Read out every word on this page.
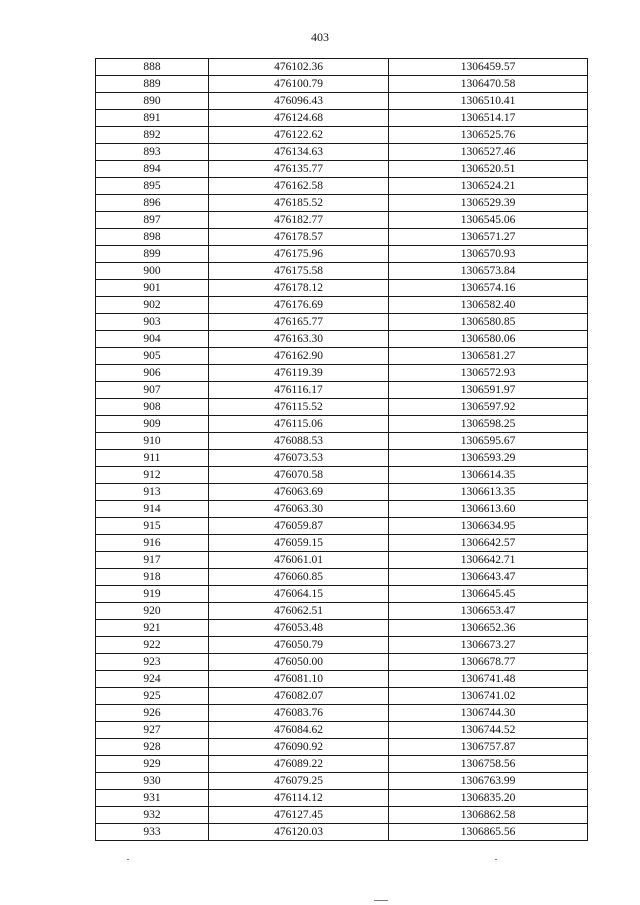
403
888	476102.36	1306459.57
889	476100.79	1306470.58
890	476096.43	1306510.41
891	476124.68	1306514.17
892	476122.62	1306525.76
893	476134.63	1306527.46
894	476135.77	1306520.51
895	476162.58	1306524.21
896	476185.52	1306529.39
897	476182.77	1306545.06
898	476178.57	1306571.27
899	476175.96	1306570.93
900	476175.58	1306573.84
901	476178.12	1306574.16
902	476176.69	1306582.40
903	476165.77	1306580.85
904	476163.30	1306580.06
905	476162.90	1306581.27
906	476119.39	1306572.93
907	476116.17	1306591.97
908	476115.52	1306597.92
909	476115.06	1306598.25
910	476088.53	1306595.67
911	476073.53	1306593.29
912	476070.58	1306614.35
913	476063.69	1306613.35
914	476063.30	1306613.60
915	476059.87	1306634.95
916	476059.15	1306642.57
917	476061.01	1306642.71
918	476060.85	1306643.47
919	476064.15	1306645.45
920	476062.51	1306653.47
921	476053.48	1306652.36
922	476050.79	1306673.27
923	476050.00	1306678.77
924	476081.10	1306741.48
925	476082.07	1306741.02
926	476083.76	1306744.30
927	476084.62	1306744.52
928	476090.92	1306757.87
929	476089.22	1306758.56
930	476079.25	1306763.99
931	476114.12	1306835.20
932	476127.45	1306862.58
933	476120.03	1306865.56
